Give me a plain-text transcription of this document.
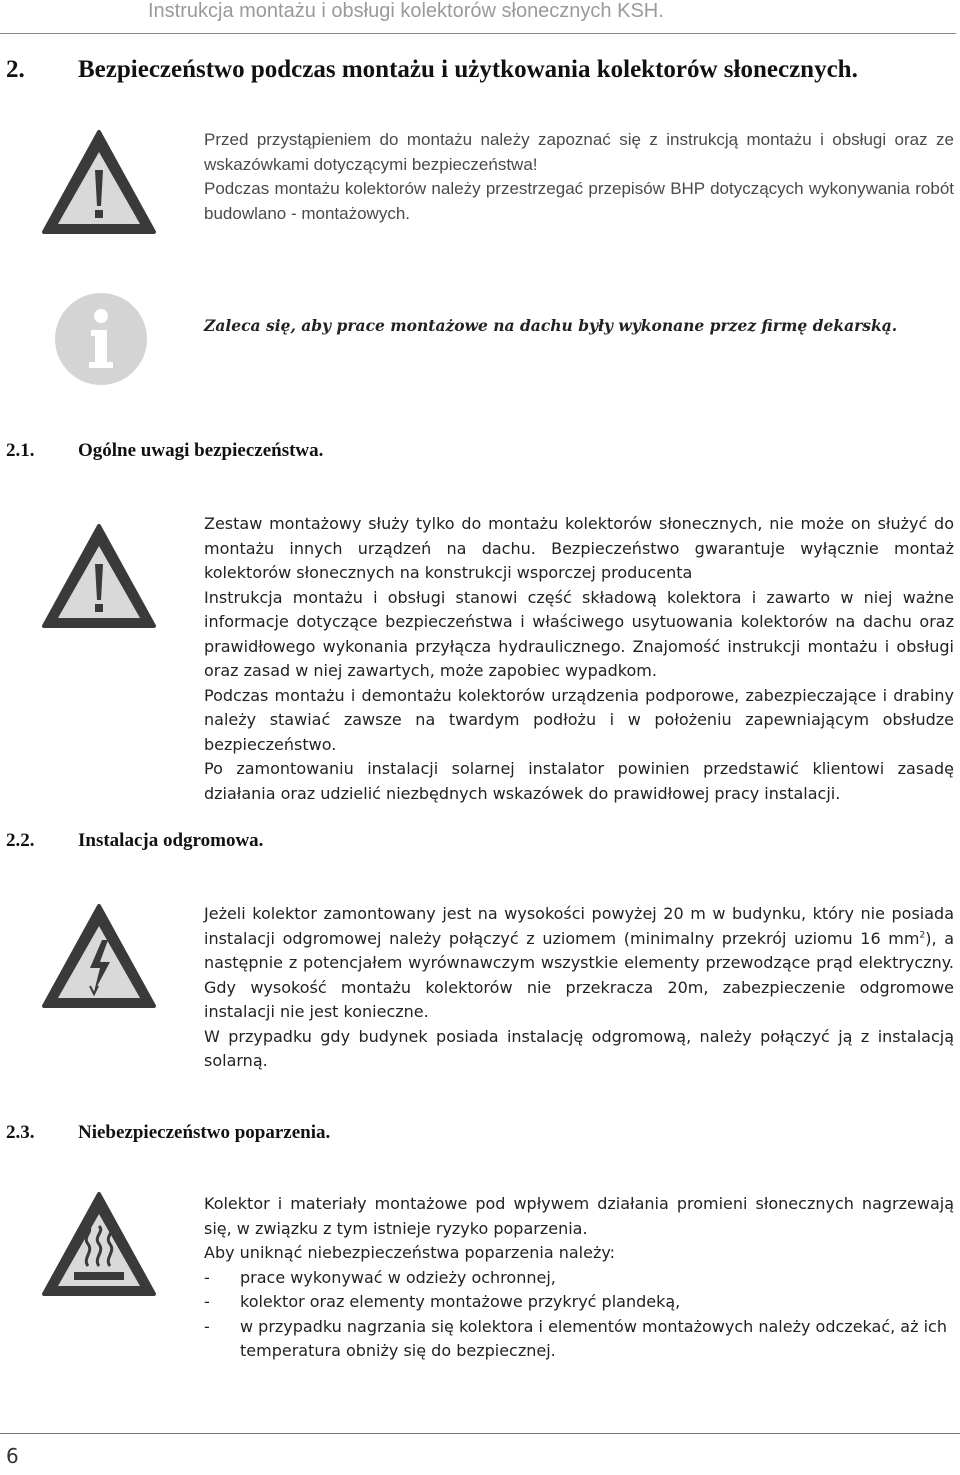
Instrukcja montażu i obsługi kolektorów słonecznych KSH.
2. Bezpieczeństwo podczas montażu i użytkowania kolektorów słonecznych.

Przed przystąpieniem do montażu należy zapoznać się z instrukcją montażu i obsługi oraz ze wskazówkami dotyczącymi bezpieczeństwa!

Podczas montażu kolektorów należy przestrzegać przepisów BHP dotyczących wykonywania robót budowlano - montażowych.

Zaleca się, aby prace montażowe na dachu były wykonane przez firmę dekarską.
2.1. Ogólne uwagi bezpieczeństwa.

Zestaw montażowy służy tylko do montażu kolektorów słonecznych, nie może on służyć do montażu innych urządzeń na dachu. Bezpieczeństwo gwarantuje wyłącznie montaż kolektorów słonecznych na konstrukcji wsporczej producenta

Instrukcja montażu i obsługi stanowi część składową kolektora i zawarto w niej ważne informacje dotyczące bezpieczeństwa i właściwego usytuowania kolektorów na dachu oraz prawidłowego wykonania przyłącza hydraulicznego. Znajomość instrukcji montażu i obsługi oraz zasad w niej zawartych, może zapobiec wypadkom.

Podczas montażu i demontażu kolektorów urządzenia podporowe, zabezpieczające i drabiny należy stawiać zawsze na twardym podłożu i w położeniu zapewniającym obsłudze bezpieczeństwo.

Po zamontowaniu instalacji solarnej instalator powinien przedstawić klientowi zasadę działania oraz udzielić niezbędnych wskazówek do prawidłowej pracy instalacji.

2.2. Instalacja odgromowa.

Jeżeli kolektor zamontowany jest na wysokości powyżej 20 m w budynku, który nie posiada instalacji odgromowej należy połączyć z uziomem (minimalny przekrój uziomu 16 $mm^2$), a następnie z potencjałem wyrównawczym wszystkie elementy przewodzące prąd elektryczny. Gdy wysokość montażu kolektorów nie przekracza 20m, zabezpieczenie odgromowe instalacji nie jest konieczne.

W przypadku gdy budynek posiada instalację odgromową, należy połączyć ją z instalacją solarną.

2.3. Niebezpieczeństwo poparzenia.

Kolektor i materiały montażowe pod wpływem działania promieni słonecznych nagrzewają się, w związku z tym istnieje ryzyko poparzenia.

Aby uniknąć niebezpieczeństwa poparzenia należy:

- prace wykonywać w odzieży ochronnej,
- kolektor oraz elementy montażowe przykryć plandeką,
- w przypadku nagrzania się kolektora i elementów montażowych należy odczekać, aż ich temperatura obniży się do bezpiecznej.
6
